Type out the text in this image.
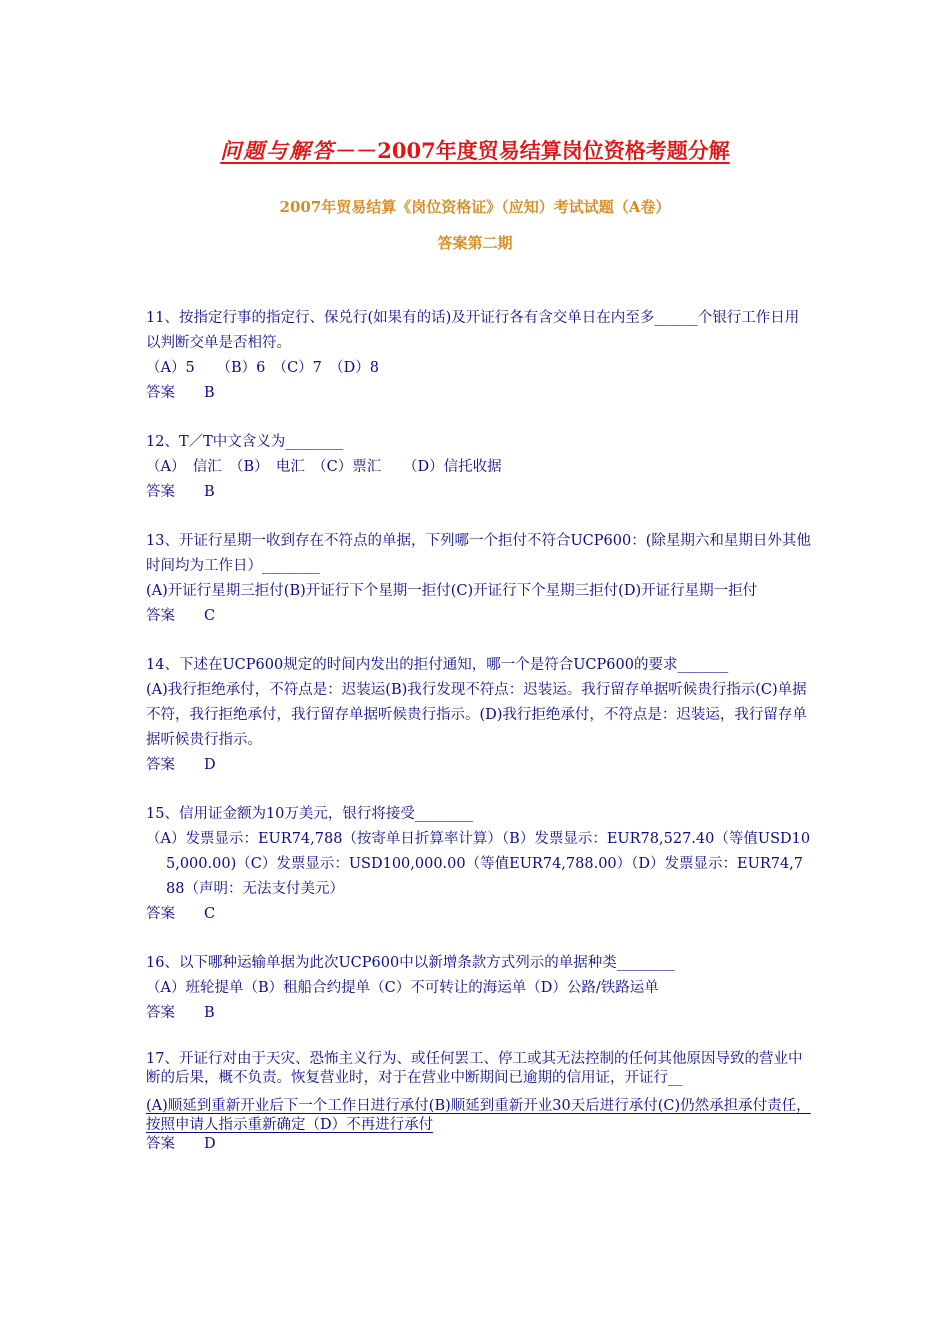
问题与解答－－2007年度贸易结算岗位资格考题分解
2007年贸易结算《岗位资格证》（应知）考试试题（A卷）
答案第二期

11、按指定行事的指定行、保兑行(如果有的话)及开证行各有含交单日在内至多______个银行工作日用以判断交单是否相符。

（A）5　　（B）6　（C）7　（D）8

答案 B

12、T／T中文含义为________

（A）　信汇　（B）　电汇　（C）票汇　　（D）信托收据

答案 B

13、开证行星期一收到存在不符点的单据，下列哪一个拒付不符合UCP600：(除星期六和星期日外其他时间均为工作日）________

(A)开证行星期三拒付(B)开证行下个星期一拒付(C)开证行下个星期三拒付(D)开证行星期一拒付

答案 C

14、下述在UCP600规定的时间内发出的拒付通知，哪一个是符合UCP600的要求_______

(A)我行拒绝承付，不符点是：迟装运(B)我行发现不符点：迟装运。我行留存单据听候贵行指示(C)单据不符，我行拒绝承付，我行留存单据听候贵行指示。(D)我行拒绝承付，不符点是：迟装运，我行留存单据听候贵行指示。

答案 D

15、信用证金额为10万美元，银行将接受________

（A）发票显示：EUR74,788（按寄单日折算率计算）（B）发票显示：EUR78,527.40（等值USD105,000.00)（C）发票显示：USD100,000.00（等值EUR74,788.00）（D）发票显示：EUR74,788（声明：无法支付美元）

答案 C

16、以下哪种运输单据为此次UCP600中以新增条款方式列示的单据种类________

（A）班轮提单（B）租船合约提单（C）不可转让的海运单（D）公路/铁路运单

答案 B

17、开证行对由于天灾、恐怖主义行为、或任何罢工、停工或其无法控制的任何其他原因导致的营业中断的后果，概不负责。恢复营业时，对于在营业中断期间已逾期的信用证，开证行__

(A)顺延到重新开业后下一个工作日进行承付(B)顺延到重新开业30天后进行承付(C)仍然承担承付责任，按照申请人指示重新确定（D）不再进行承付

答案 D
